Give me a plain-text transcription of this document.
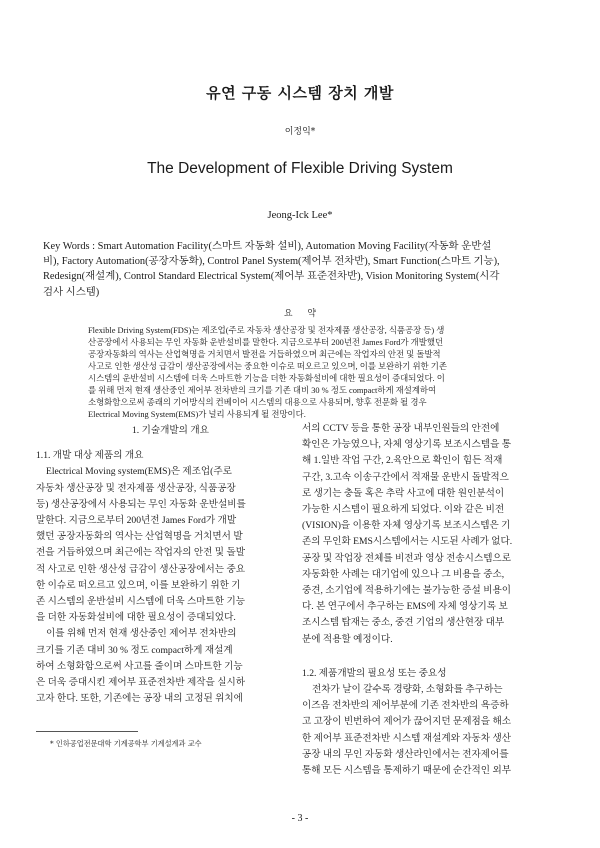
유연 구동 시스템 장치 개발
이정익*
The Development of Flexible Driving System
Jeong-Ick Lee*
Key Words : Smart Automation Facility(스마트 자동화 설비), Automation Moving Facility(자동화 운반설
비), Factory Automation(공장자동화), Control Panel System(제어부 전차반), Smart Function(스마트 기능),
Redesign(재설계), Control Standard Electrical System(제어부 표준전차반), Vision Monitoring System(시각
검사 시스템)
요 약
Flexible Driving System(FDS)는 제조업(주로 자동차 생산공장 및 전자제품 생산공장, 식품공장 등) 생
산공장에서 사용되는 무인 자동화 운반설비를 말한다. 지금으로부터 200년전 James Ford가 개발했던
공장자동화의 역사는 산업혁명을 거치면서 발전을 거듭하였으며 최근에는 작업자의 안전 및 돌발적
사고로 인한 생산성 급감이 생산공장에서는 중요한 이슈로 떠오르고 있으며, 이를 보완하기 위한 기존
시스템의 운반설비 시스템에 더욱 스마트한 기능을 더한 자동화설비에 대한 필요성이 증대되었다. 이
를 위해 먼저 현재 생산중인 제어부 전차반의 크기를 기존 대비 30 % 정도 compact하게 재설계하여
소형화함으로써 종래의 기어방식의 컨베이어 시스템의 대용으로 사용되며, 향후 전문화 될 경우
Electrical Moving System(EMS)가 널리 사용되게 될 전망이다.
1. 기술개발의 개요
1.1. 개발 대상 제품의 개요
Electrical Moving system(EMS)은 제조업(주로
자동차 생산공장 및 전자제품 생산공장, 식품공장
등) 생산공장에서 사용되는 무인 자동화 운반설비를
말한다. 지금으로부터 200년전 James Ford가 개발
했던 공장자동화의 역사는 산업혁명을 거치면서 발
전을 거듭하였으며 최근에는 작업자의 안전 및 돌발
적 사고로 인한 생산성 급감이 생산공장에서는 중요
한 이슈로 떠오르고 있으며, 이를 보완하기 위한 기
존 시스템의 운반설비 시스템에 더욱 스마트한 기능
을 더한 자동화설비에 대한 필요성이 증대되었다.
이를 위해 먼저 현재 생산중인 제어부 전차반의
크기를 기존 대비 30 % 정도 compact하게 재설계
하여 소형화함으로써 사고를 줄이며 스마트한 기능
은 더욱 증대시킨 제어부 표준전차반 제작을 실시하
고자 한다. 또한, 기존에는 공장 내의 고정된 위치에
서의 CCTV 등을 통한 공장 내부인원들의 안전에
확인은 가능였으나, 자체 영상기록 보조시스템을 통
해 1.일반 작업 구간, 2.육안으로 확인이 힘든 적재
구간, 3.고속 이송구간에서 적재물 운반시 돌발적으
로 생기는 충돌 혹은 추락 사고에 대한 원인분석이
가능한 시스템이 필요하게 되었다. 이와 같은 비전
(VISION)을 이용한 자체 영상기록 보조시스템은 기
존의 무인화 EMS시스템에서는 시도된 사례가 없다.
공장 및 작업장 전체를 비전과 영상 전송시스템으로
자동화한 사례는 대기업에 있으나 그 비용을 중소,
중견, 소기업에 적용하기에는 불가능한 증설 비용이
다. 본 연구에서 추구하는 EMS에 자체 영상기록 보
조시스템 탑재는 중소, 중견 기업의 생산현장 대부
분에 적용할 예정이다.
1.2. 제품개발의 필요성 또는 중요성
전차가 날이 갈수록 경량화, 소형화를 추구하는
이즈음 전차반의 제어부분에 기존 전차반의 욕증하
고 고장이 빈번하여 제어가 끊어지던 문제점을 해소
한 제어부 표준전차반 시스템 재설계와 자동차 생산
공장 내의 무인 자동화 생산라인에서는 전자제어를
통해 모든 시스템을 통제하기 때문에 순간적인 외부
* 인하공업전문대학 기계공학부 기계설계과 교수
- 3 -
